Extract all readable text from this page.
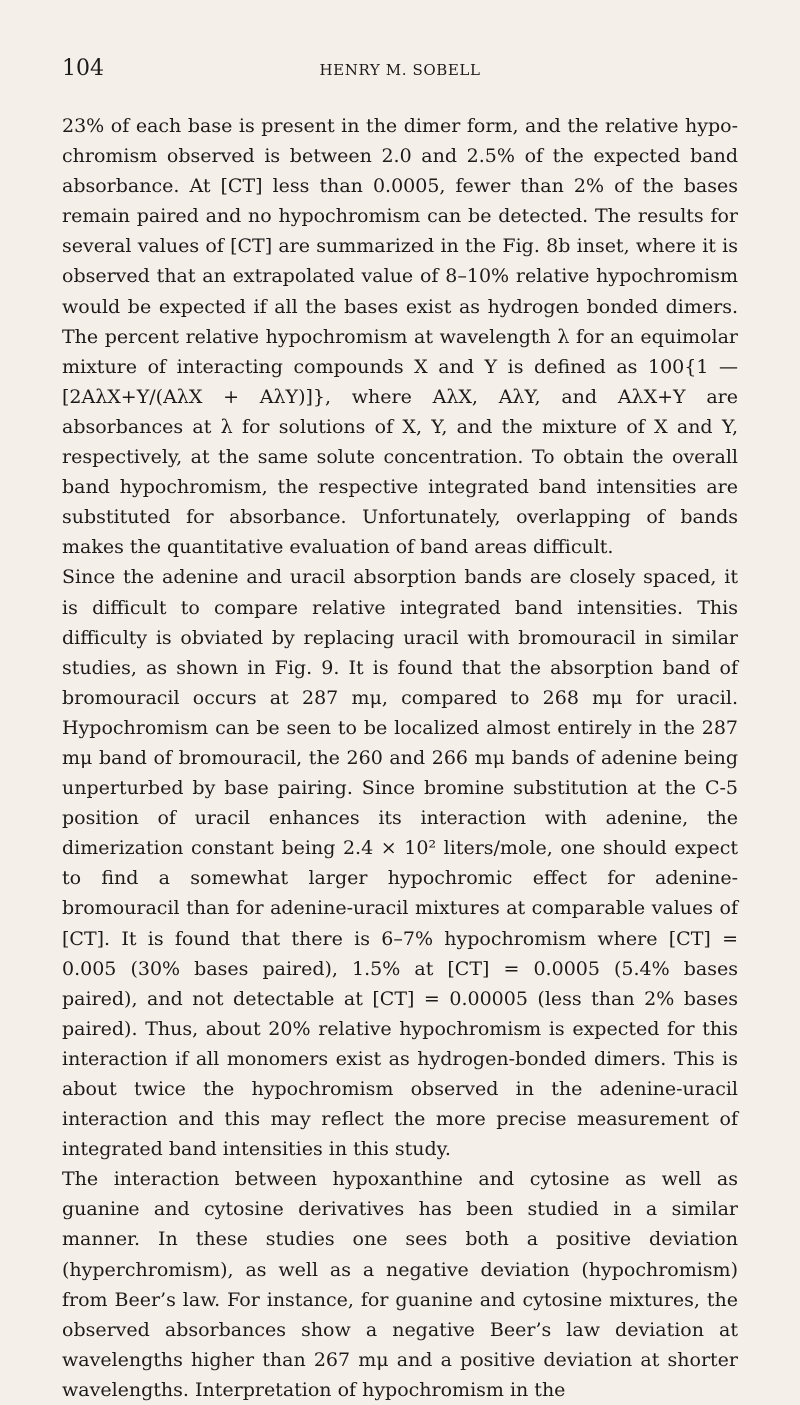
104	HENRY M. SOBELL

23% of each base is present in the dimer form, and the relative hypochromism observed is between 2.0 and 2.5% of the expected band absorbance. At [CT] less than 0.0005, fewer than 2% of the bases remain paired and no hypochromism can be detected. The results for several values of [CT] are summarized in the Fig. 8b inset, where it is observed that an extrapolated value of 8–10% relative hypochromism would be expected if all the bases exist as hydrogen bonded dimers. The percent relative hypochromism at wavelength λ for an equimolar mixture of interacting compounds X and Y is defined as 100{1 — [2AλX+Y/(AλX + AλY)]}, where AλX, AλY, and AλX+Y are absorbances at λ for solutions of X, Y, and the mixture of X and Y, respectively, at the same solute concentration. To obtain the overall band hypochromism, the respective integrated band intensities are substituted for absorbance. Unfortunately, overlapping of bands makes the quantitative evaluation of band areas difficult.

Since the adenine and uracil absorption bands are closely spaced, it is difficult to compare relative integrated band intensities. This difficulty is obviated by replacing uracil with bromouracil in similar studies, as shown in Fig. 9. It is found that the absorption band of bromouracil occurs at 287 mμ, compared to 268 mμ for uracil. Hypochromism can be seen to be localized almost entirely in the 287 mμ band of bromouracil, the 260 and 266 mμ bands of adenine being unperturbed by base pairing. Since bromine substitution at the C-5 position of uracil enhances its interaction with adenine, the dimerization constant being 2.4 × 10² liters/mole, one should expect to find a somewhat larger hypochromic effect for adenine-bromouracil than for adenine-uracil mixtures at comparable values of [CT]. It is found that there is 6–7% hypochromism where [CT] = 0.005 (30% bases paired), 1.5% at [CT] = 0.0005 (5.4% bases paired), and not detectable at [CT] = 0.00005 (less than 2% bases paired). Thus, about 20% relative hypochromism is expected for this interaction if all monomers exist as hydrogen-bonded dimers. This is about twice the hypochromism observed in the adenine-uracil interaction and this may reflect the more precise measurement of integrated band intensities in this study.

The interaction between hypoxanthine and cytosine as well as guanine and cytosine derivatives has been studied in a similar manner. In these studies one sees both a positive deviation (hyperchromism), as well as a negative deviation (hypochromism) from Beer’s law. For instance, for guanine and cytosine mixtures, the observed absorbances show a negative Beer’s law deviation at wavelengths higher than 267 mμ and a positive deviation at shorter wavelengths. Interpretation of hypochromism in the
